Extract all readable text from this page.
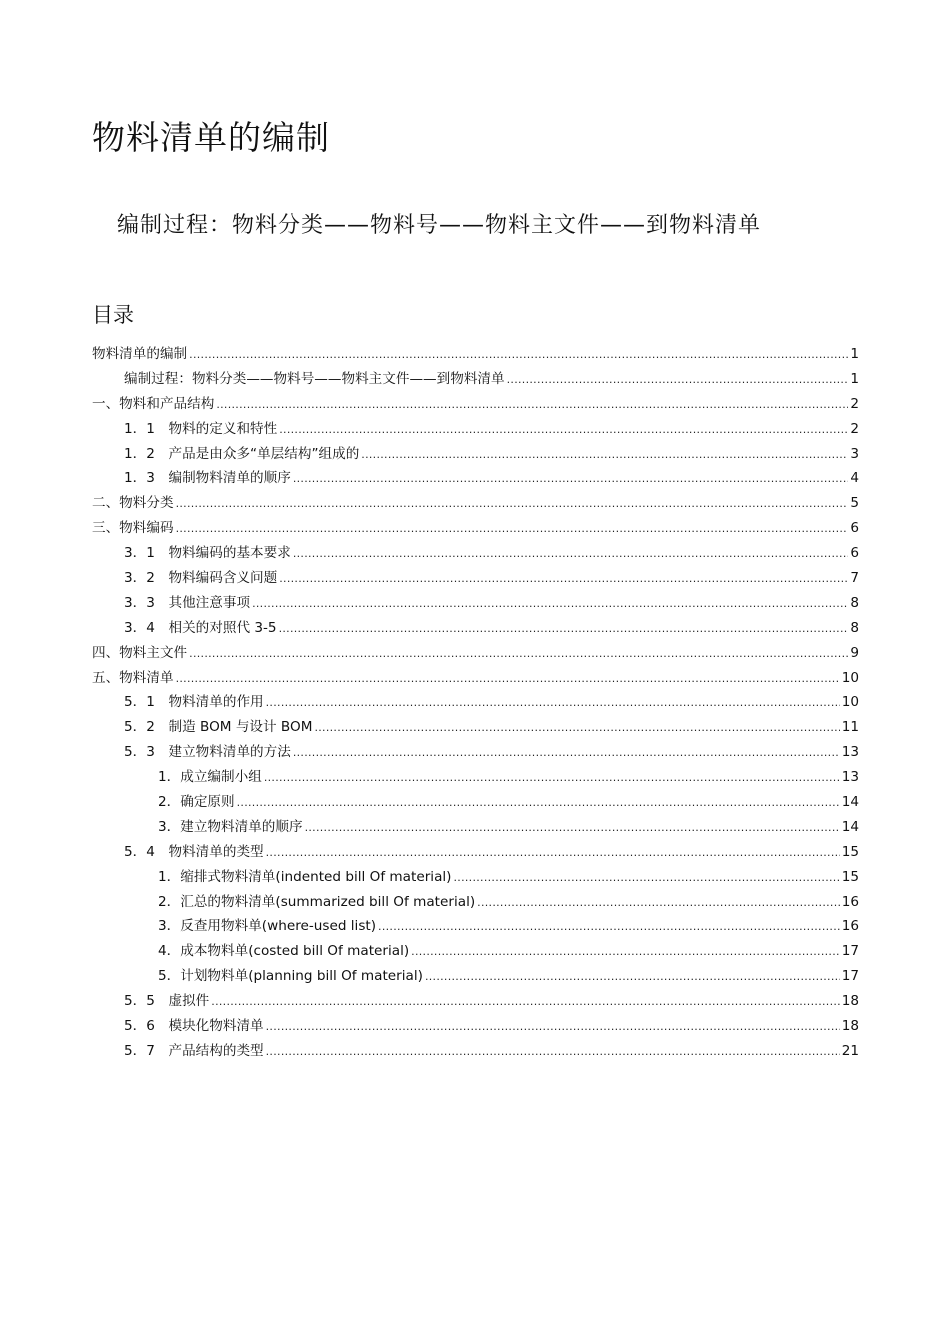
物料清单的编制
编制过程：物料分类——物料号——物料主文件——到物料清单
目录
物料清单的编制 . . .	1
编制过程：物料分类——物料号——物料主文件——到物料清单 . . .	1
一、物料和产品结构 . . .	2
1．1　物料的定义和特性 . . .	2
1．2　产品是由众多“单层结构”组成的 . . .	3
1．3　编制物料清单的顺序 . . .	4
二、物料分类 . . .	5
三、物料编码 . . .	6
3．1　物料编码的基本要求 . . .	6
3．2　物料编码含义问题 . . .	7
3．3　其他注意事项 . . .	8
3．4　相关的对照代 3-5 . . .	8
四、物料主文件 . . .	9
五、物料清单 . . .	10
5．1　物料清单的作用 . . .	10
5．2　制造 BOM 与设计 BOM . . .	11
5．3　建立物料清单的方法 . . .	13
1．成立编制小组 . . .	13
2．确定原则 . . .	14
3．建立物料清单的顺序 . . .	14
5．4　物料清单的类型 . . .	15
1．缩排式物料清单(indented bill Of material) . . .	15
2．汇总的物料清单(summarized bill Of material) . . .	16
3．反查用物料单(where-used list) . . .	16
4．成本物料单(costed bill Of material) . . .	17
5．计划物料单(planning bill Of material) . . .	17
5．5　虚拟件 . . .	18
5．6　模块化物料清单 . . .	18
5．7　产品结构的类型 . . .	21
